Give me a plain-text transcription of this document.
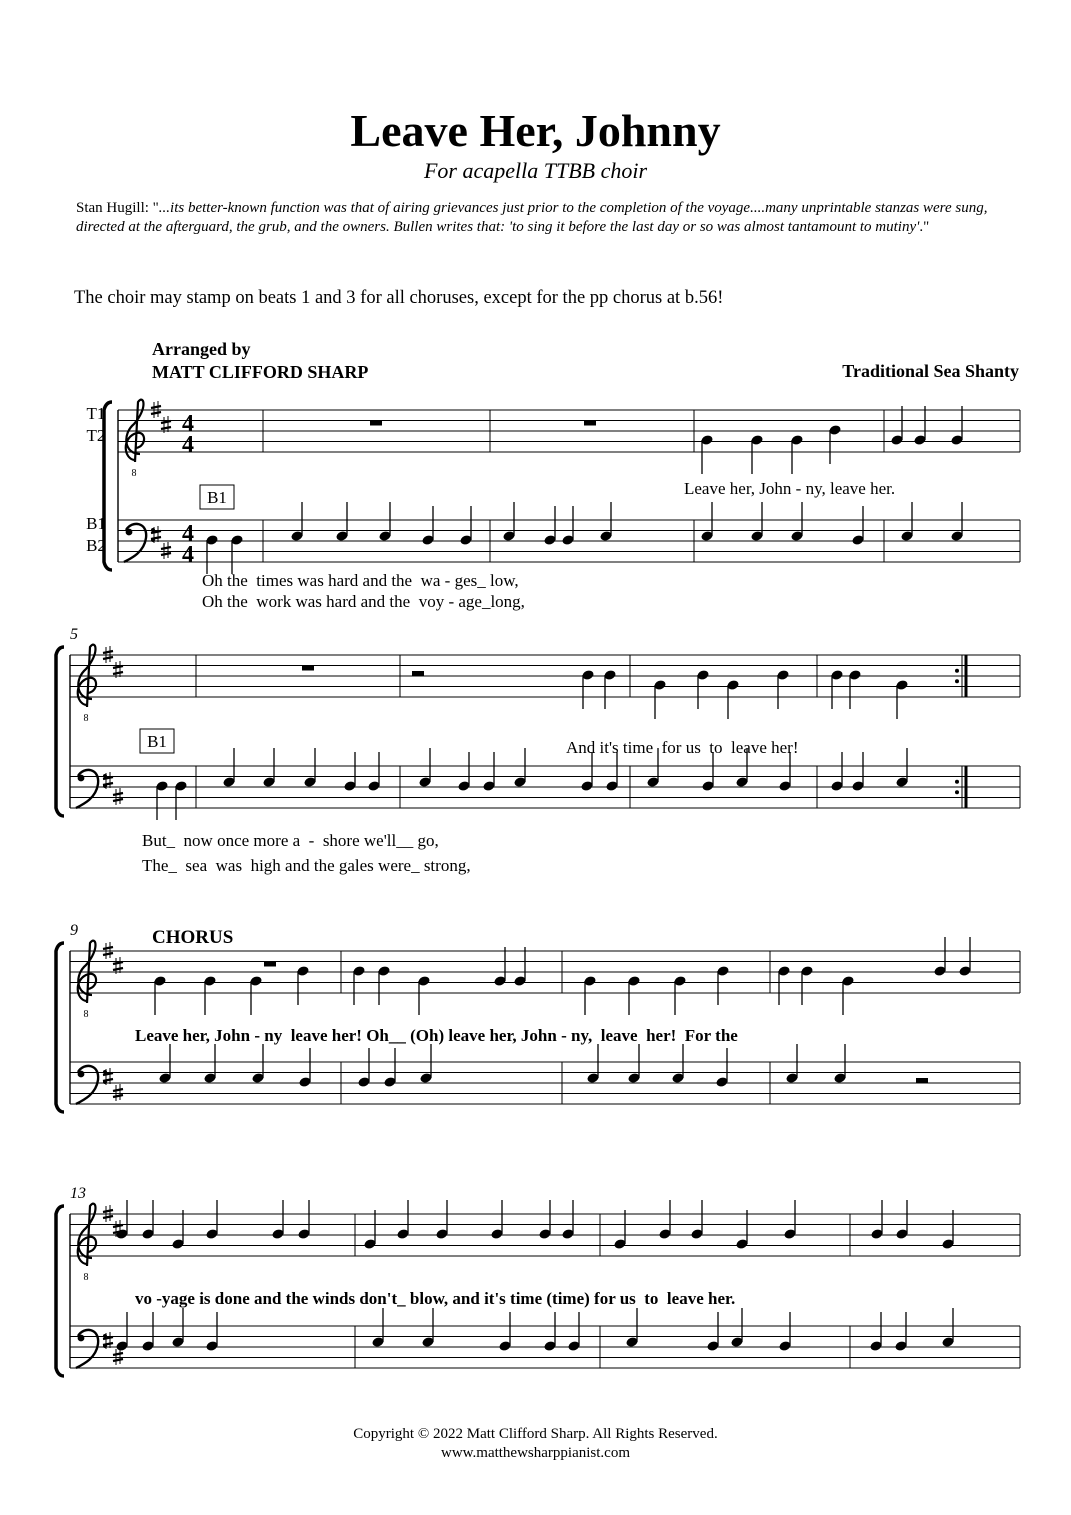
Leave Her, Johnny
For acapella TTBB choir
Stan Hugill: "...its better-known function was that of airing grievances just prior to the completion of the voyage....many unprintable stanzas were sung, directed at the afterguard, the grub, and the owners. Bullen writes that: 'to sing it before the last day or so was almost tantamount to mutiny'."
The choir may stamp on beats 1 and 3 for all choruses, except for the pp chorus at b.56!
Arranged by
MATT CLIFFORD SHARP	Traditional Sea Shanty
8
4
4
4
4
T1
T2
B1
B2
B1	Leave her, John - ny, leave her.
Oh the  times was hard and the  wa - ges_ low,
Oh the  work was hard and the  voy - age_long,
8
5
B1	And it's time  for us  to  leave her!
But_  now once more a  -  shore we'll__ go,
The_  sea  was  high and the gales were_ strong,
8
9	CHORUS
Leave her, John - ny  leave her! Oh__ (Oh) leave her, John - ny,  leave  her!  For the
8
13
vo -yage is done and the winds don't_ blow, and it's time (time) for us  to  leave her.
Copyright © 2022 Matt Clifford Sharp. All Rights Reserved.
www.matthewsharppianist.com
